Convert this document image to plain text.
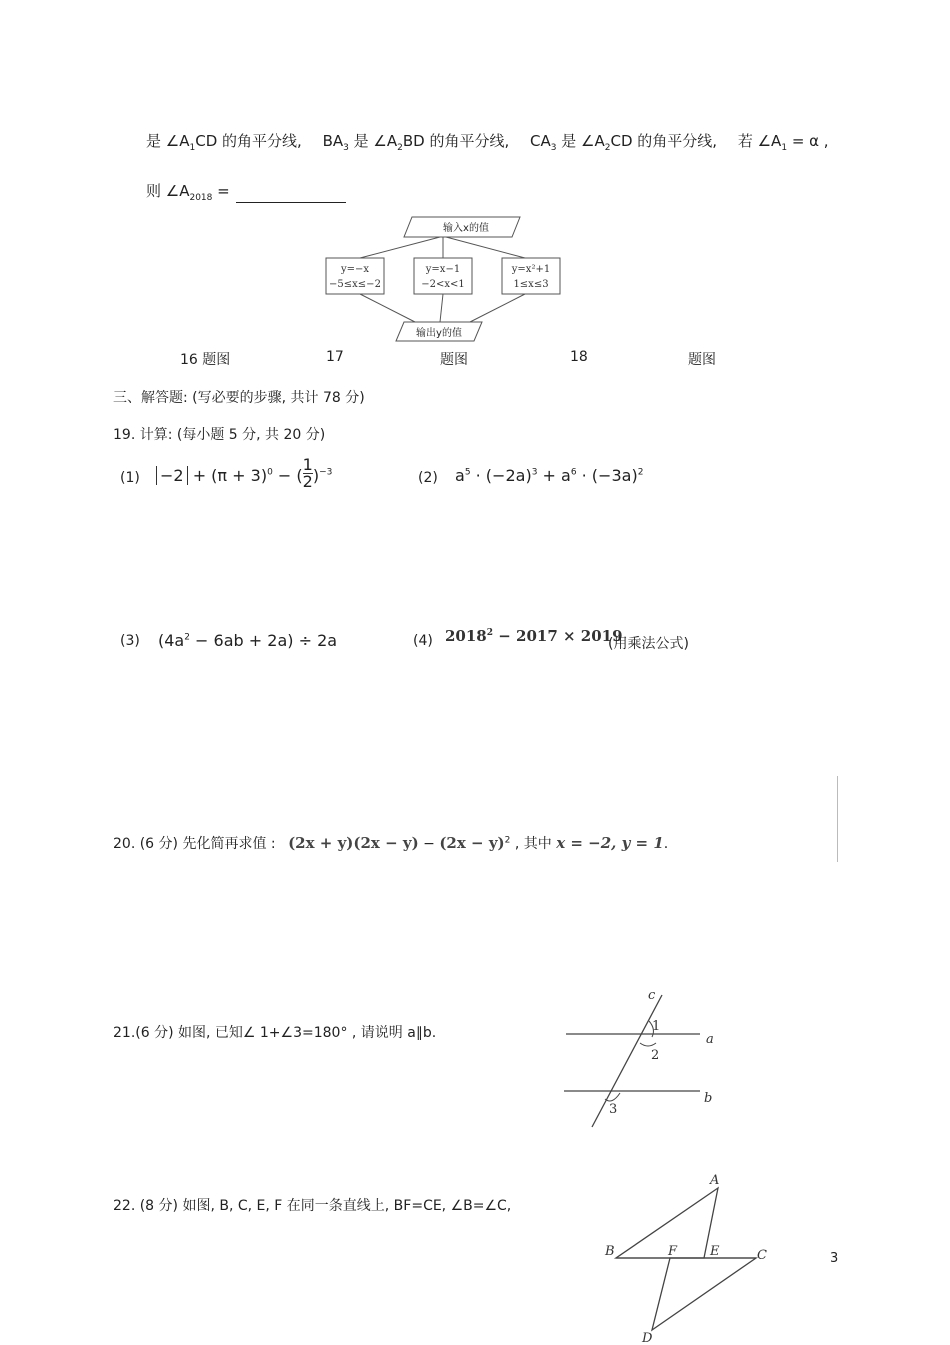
是 $\angle A_1CD$ 的角平分线, $BA_3$ 是 $\angle A_2BD$ 的角平分线, $CA_3$ 是 $\angle A_2CD$ 的角平分线, 若 $\angle A_1 = \alpha$ ,
则 $\angle A_{2018}$ =
输入x的值
y=−x
−5≤x≤−2
y=x−1
−2<x<1
y=x²+1
1≤x≤3
输出y的值
16 题图	17	题图	18	题图
三、解答题: (写必要的步骤, 共计 78 分)
19. 计算: (每小题 5 分, 共 20 分)
$(1) -2 + (\pi + 3)^0$ − ( $\frac{1}{2} )^{-3}$	(2) $a^5 \cdot (-2a)^3 + a^6 \cdot (-3a)^2$
(3) $(4a^2 - 6ab + 2a) \div 2a$	(4) $2018^2 - 2017 \times 2019$
(用乘法公式)
20. (6 分) 先化简再求值 : $(2x + y)(2x - y) - (2x - y)^2$ , 其中 x = −2, y = 1.
21.(6 分) 如图, 已知∠ 1+∠3=180° , 请说明 a∥b.
c
a
b
1
2
3
22. (8 分) 如图, B, C, E, F 在同一条直线上, BF=CE, ∠B=∠C,
A
B	C
D
E
F	3
